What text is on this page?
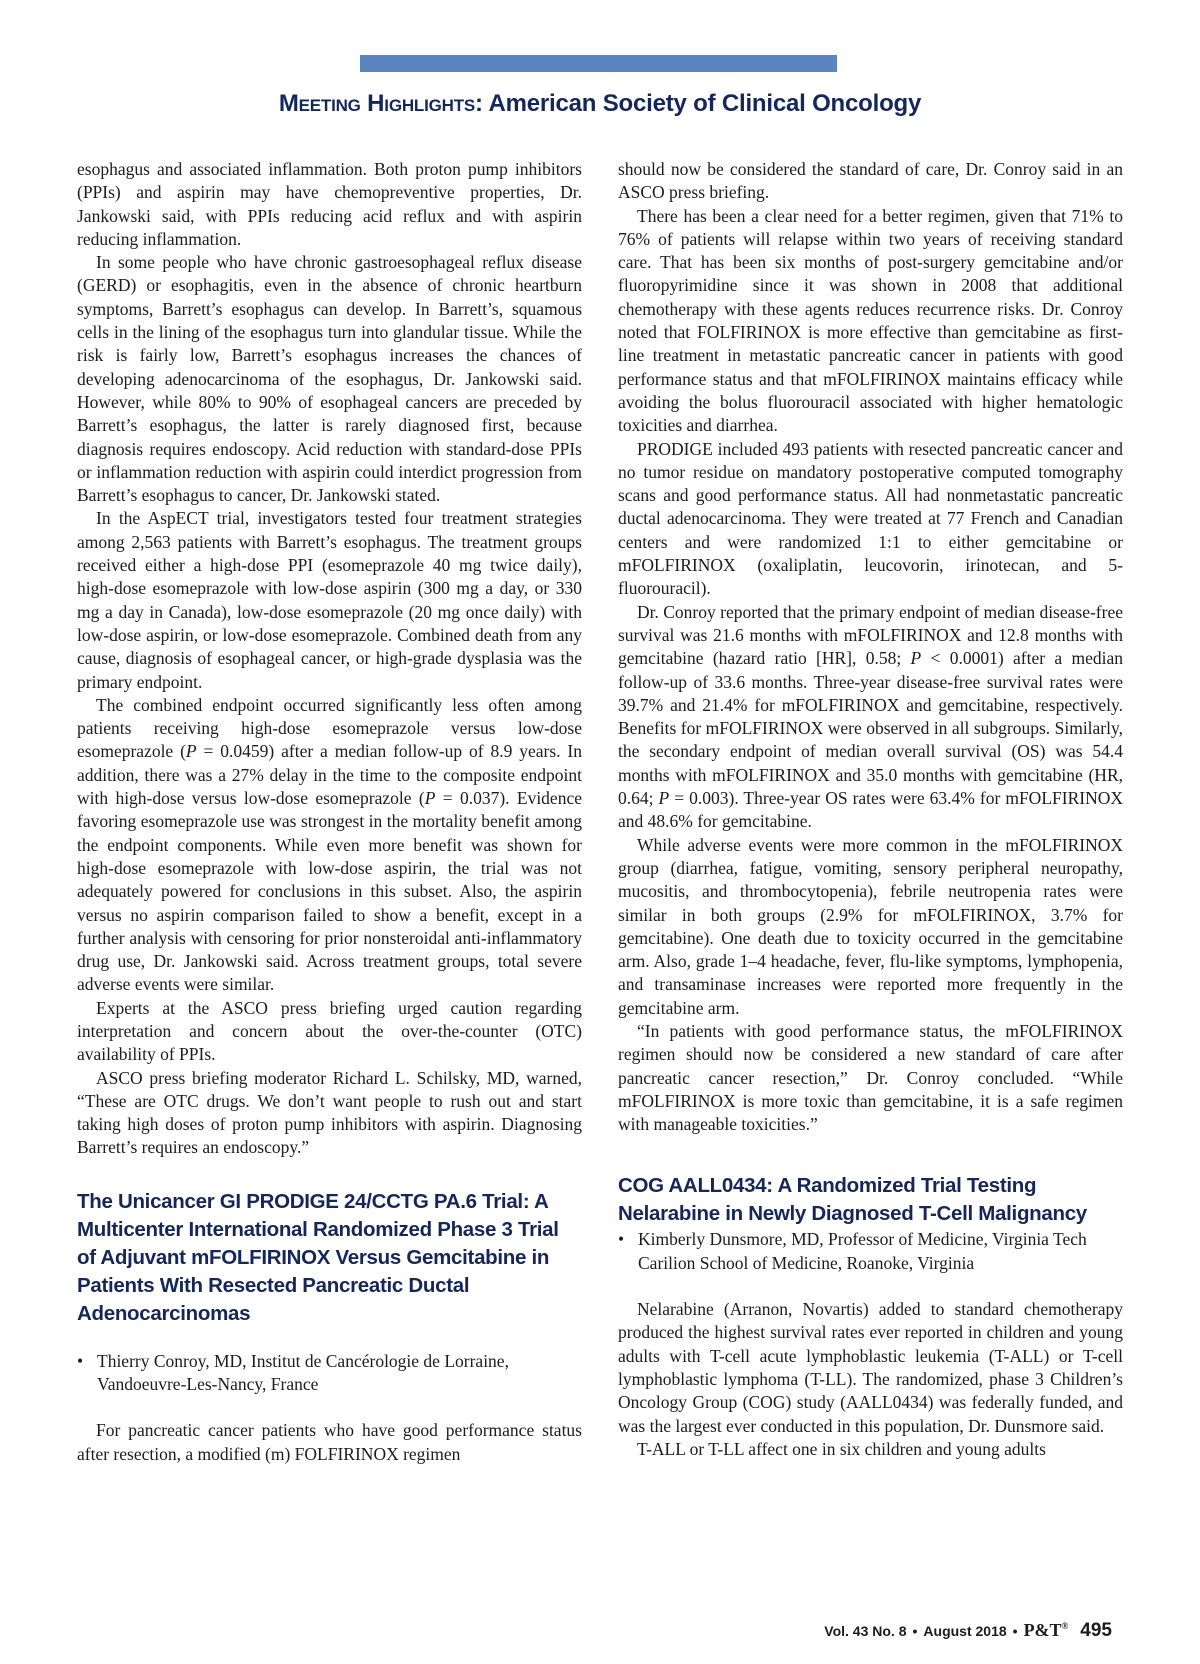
Meeting Highlights: American Society of Clinical Oncology

esophagus and associated inflammation. Both proton pump inhibitors (PPIs) and aspirin may have chemopreventive properties, Dr. Jankowski said, with PPIs reducing acid reflux and with aspirin reducing inflammation.

In some people who have chronic gastroesophageal reflux disease (GERD) or esophagitis, even in the absence of chronic heartburn symptoms, Barrett’s esophagus can develop. In Barrett’s, squamous cells in the lining of the esophagus turn into glandular tissue. While the risk is fairly low, Barrett’s esophagus increases the chances of developing adenocarcinoma of the esophagus, Dr. Jankowski said. However, while 80% to 90% of esophageal cancers are preceded by Barrett’s esophagus, the latter is rarely diagnosed first, because diagnosis requires endoscopy. Acid reduction with standard-dose PPIs or inflammation reduction with aspirin could interdict progression from Barrett’s esophagus to cancer, Dr. Jankowski stated.

In the AspECT trial, investigators tested four treatment strategies among 2,563 patients with Barrett’s esophagus. The treatment groups received either a high-dose PPI (esomeprazole 40 mg twice daily), high-dose esomeprazole with low-dose aspirin (300 mg a day, or 330 mg a day in Canada), low-dose esomeprazole (20 mg once daily) with low-dose aspirin, or low-dose esomeprazole. Combined death from any cause, diagnosis of esophageal cancer, or high-grade dysplasia was the primary endpoint.

The combined endpoint occurred significantly less often among patients receiving high-dose esomeprazole versus low-dose esomeprazole (P = 0.0459) after a median follow-up of 8.9 years. In addition, there was a 27% delay in the time to the composite endpoint with high-dose versus low-dose esomeprazole (P = 0.037). Evidence favoring esomeprazole use was strongest in the mortality benefit among the endpoint components. While even more benefit was shown for high-dose esomeprazole with low-dose aspirin, the trial was not adequately powered for conclusions in this subset. Also, the aspirin versus no aspirin comparison failed to show a benefit, except in a further analysis with censoring for prior nonsteroidal anti-inflammatory drug use, Dr. Jankowski said. Across treatment groups, total severe adverse events were similar.

Experts at the ASCO press briefing urged caution regarding interpretation and concern about the over-the-counter (OTC) availability of PPIs.

ASCO press briefing moderator Richard L. Schilsky, MD, warned, “These are OTC drugs. We don’t want people to rush out and start taking high doses of proton pump inhibitors with aspirin. Diagnosing Barrett’s requires an endoscopy.”

The Unicancer GI PRODIGE 24/CCTG PA.6 Trial: A Multicenter International Randomized Phase 3 Trial of Adjuvant mFOLFIRINOX Versus Gemcitabine in Patients With Resected Pancreatic Ductal Adenocarcinomas
• Thierry Conroy, MD, Institut de Cancérologie de Lorraine, Vandoeuvre-Les-Nancy, France

For pancreatic cancer patients who have good performance status after resection, a modified (m) FOLFIRINOX regimen

should now be considered the standard of care, Dr. Conroy said in an ASCO press briefing.

There has been a clear need for a better regimen, given that 71% to 76% of patients will relapse within two years of receiving standard care. That has been six months of post-surgery gemcitabine and/or fluoropyrimidine since it was shown in 2008 that additional chemotherapy with these agents reduces recurrence risks. Dr. Conroy noted that FOLFIRINOX is more effective than gemcitabine as first-line treatment in metastatic pancreatic cancer in patients with good performance status and that mFOLFIRINOX maintains efficacy while avoiding the bolus fluorouracil associated with higher hematologic toxicities and diarrhea.

PRODIGE included 493 patients with resected pancreatic cancer and no tumor residue on mandatory postoperative computed tomography scans and good performance status. All had nonmetastatic pancreatic ductal adenocarcinoma. They were treated at 77 French and Canadian centers and were randomized 1:1 to either gemcitabine or mFOLFIRINOX (oxaliplatin, leucovorin, irinotecan, and 5-fluorouracil).

Dr. Conroy reported that the primary endpoint of median disease-free survival was 21.6 months with mFOLFIRINOX and 12.8 months with gemcitabine (hazard ratio [HR], 0.58; P < 0.0001) after a median follow-up of 33.6 months. Three-year disease-free survival rates were 39.7% and 21.4% for mFOLFIRINOX and gemcitabine, respectively. Benefits for mFOLFIRINOX were observed in all subgroups. Similarly, the secondary endpoint of median overall survival (OS) was 54.4 months with mFOLFIRINOX and 35.0 months with gemcitabine (HR, 0.64; P = 0.003). Three-year OS rates were 63.4% for mFOLFIRINOX and 48.6% for gemcitabine.

While adverse events were more common in the mFOLFIRINOX group (diarrhea, fatigue, vomiting, sensory peripheral neuropathy, mucositis, and thrombocytopenia), febrile neutropenia rates were similar in both groups (2.9% for mFOLFIRINOX, 3.7% for gemcitabine). One death due to toxicity occurred in the gemcitabine arm. Also, grade 1–4 headache, fever, flu-like symptoms, lymphopenia, and transaminase increases were reported more frequently in the gemcitabine arm.

“In patients with good performance status, the mFOLFIRINOX regimen should now be considered a new standard of care after pancreatic cancer resection,” Dr. Conroy concluded. “While mFOLFIRINOX is more toxic than gemcitabine, it is a safe regimen with manageable toxicities.”

COG AALL0434: A Randomized Trial Testing Nelarabine in Newly Diagnosed T-Cell Malignancy
• Kimberly Dunsmore, MD, Professor of Medicine, Virginia Tech Carilion School of Medicine, Roanoke, Virginia

Nelarabine (Arranon, Novartis) added to standard chemotherapy produced the highest survival rates ever reported in children and young adults with T-cell acute lymphoblastic leukemia (T-ALL) or T-cell lymphoblastic lymphoma (T-LL). The randomized, phase 3 Children’s Oncology Group (COG) study (AALL0434) was federally funded, and was the largest ever conducted in this population, Dr. Dunsmore said.

T-ALL or T-LL affect one in six children and young adults

Vol. 43 No. 8 • August 2018 • P&T® 495
